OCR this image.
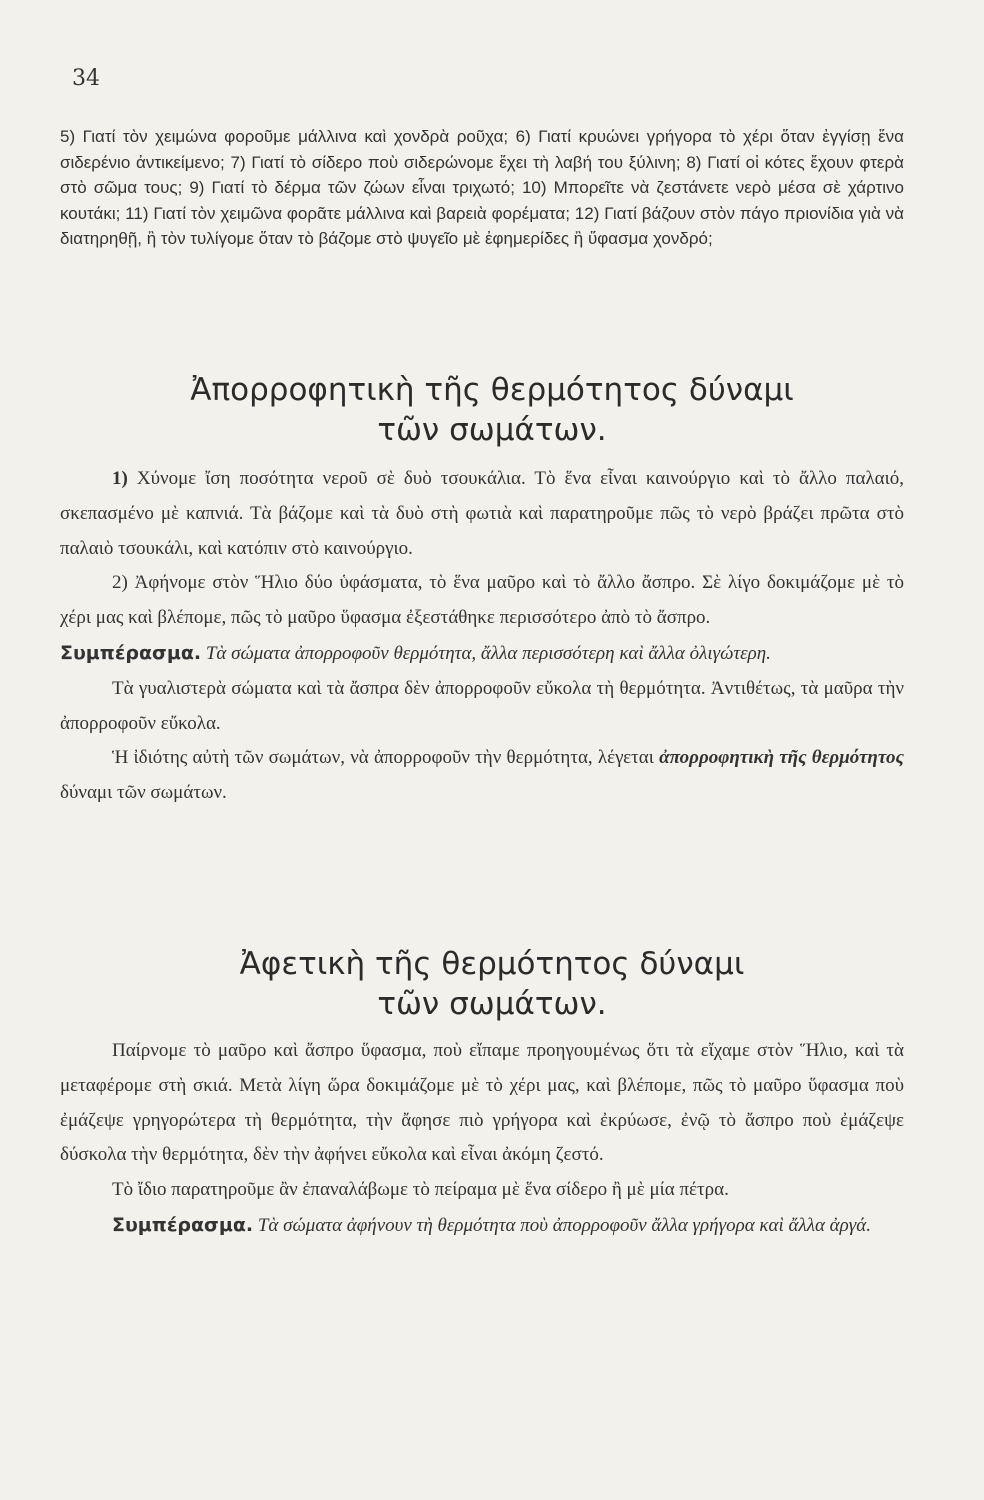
34
5) Γιατί τὸν χειμώνα φοροῦμε μάλλινα καὶ χονδρὰ ροῦχα; 6) Γιατί κρυώνει γρήγορα τὸ χέρι ὅταν ἐγγίσῃ ἕνα σιδερένιο ἀντικείμενο; 7) Γιατί τὸ σίδερο ποὺ σιδερώνομε ἔχει τὴ λαβή του ξύλινη; 8) Γιατί οἱ κότες ἔχουν φτερὰ στὸ σῶμα τους; 9) Γιατί τὸ δέρμα τῶν ζώων εἶναι τριχωτό; 10) Μπορεῖτε νὰ ζεστάνετε νερὸ μέσα σὲ χάρτινο κουτάκι; 11) Γιατί τὸν χειμῶνα φορᾶτε μάλλινα καὶ βαρειὰ φορέματα; 12) Γιατί βάζουν στὸν πάγο πριονίδια γιὰ νὰ διατηρηθῇ, ἢ τὸν τυλίγομε ὅταν τὸ βάζομε στὸ ψυγεῖο μὲ ἐφημερίδες ἢ ὕφασμα χονδρό;
Ἀπορροφητικὴ τῆς θερμότητος δύναμι
τῶν σωμάτων.

1) Χύνομε ἴση ποσότητα νεροῦ σὲ δυὸ τσουκάλια. Τὸ ἕνα εἶναι καινούργιο καὶ τὸ ἄλλο παλαιό, σκεπασμένο μὲ καπνιά. Τὰ βάζομε καὶ τὰ δυὸ στὴ φωτιὰ καὶ παρατηροῦμε πῶς τὸ νερὸ βράζει πρῶτα στὸ παλαιὸ τσουκάλι, καὶ κατόπιν στὸ καινούργιο.

2) Ἀφήνομε στὸν Ἥλιο δύο ὑφάσματα, τὸ ἕνα μαῦρο καὶ τὸ ἄλλο ἄσπρο. Σὲ λίγο δοκιμάζομε μὲ τὸ χέρι μας καὶ βλέπομε, πῶς τὸ μαῦρο ὕφασμα ἐξεστάθηκε περισσότερο ἀπὸ τὸ ἄσπρο.

Συμπέρασμα. Τὰ σώματα ἀπορροφοῦν θερμότητα, ἄλλα περισσότερη καὶ ἄλλα ὀλιγώτερη.

Τὰ γυαλιστερὰ σώματα καὶ τὰ ἄσπρα δὲν ἀπορροφοῦν εὔκολα τὴ θερμότητα. Ἀντιθέτως, τὰ μαῦρα τὴν ἀπορροφοῦν εὔκολα.

Ἡ ἰδιότης αὐτὴ τῶν σωμάτων, νὰ ἀπορροφοῦν τὴν θερμότητα, λέγεται ἀπορροφητικὴ τῆς θερμότητος δύναμι τῶν σωμάτων.

Ἀφετικὴ τῆς θερμότητος δύναμι
τῶν σωμάτων.

Παίρνομε τὸ μαῦρο καὶ ἄσπρο ὕφασμα, ποὺ εἴπαμε προηγουμένως ὅτι τὰ εἴχαμε στὸν Ἥλιο, καὶ τὰ μεταφέρομε στὴ σκιά. Μετὰ λίγη ὥρα δοκιμάζομε μὲ τὸ χέρι μας, καὶ βλέπομε, πῶς τὸ μαῦρο ὕφασμα ποὺ ἐμάζεψε γρηγορώτερα τὴ θερμότητα, τὴν ἄφησε πιὸ γρήγορα καὶ ἐκρύωσε, ἐνῷ τὸ ἄσπρο ποὺ ἐμάζεψε δύσκολα τὴν θερμότητα, δὲν τὴν ἀφήνει εὔκολα καὶ εἶναι ἀκόμη ζεστό.

Τὸ ἴδιο παρατηροῦμε ἂν ἐπαναλάβωμε τὸ πείραμα μὲ ἕνα σίδερο ἢ μὲ μία πέτρα.

Συμπέρασμα. Τὰ σώματα ἀφήνουν τὴ θερμότητα ποὺ ἀπορροφοῦν ἄλλα γρήγορα καὶ ἄλλα ἀργά.
